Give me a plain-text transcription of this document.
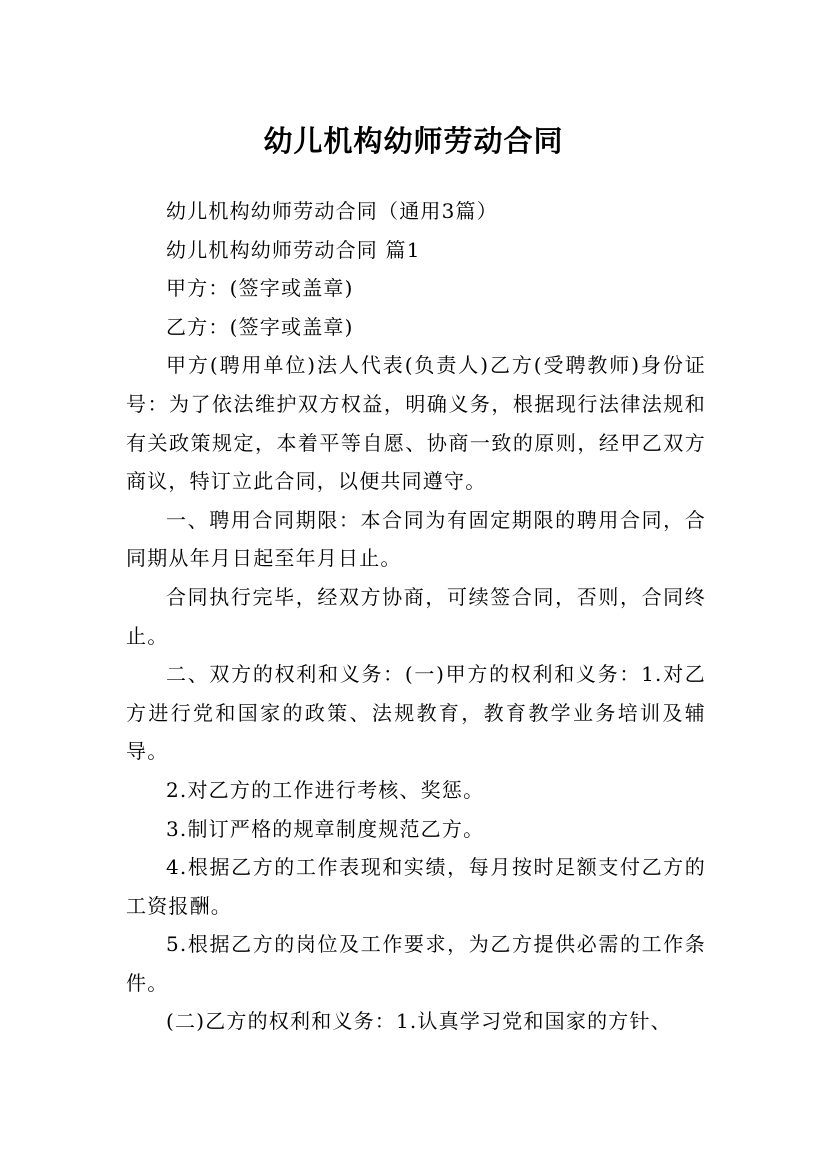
幼儿机构幼师劳动合同

幼儿机构幼师劳动合同（通用3篇）

幼儿机构幼师劳动合同 篇1

甲方：(签字或盖章)

乙方：(签字或盖章)

甲方(聘用单位)法人代表(负责人)乙方(受聘教师)身份证号：为了依法维护双方权益，明确义务，根据现行法律法规和有关政策规定，本着平等自愿、协商一致的原则，经甲乙双方商议，特订立此合同，以便共同遵守。

一、聘用合同期限：本合同为有固定期限的聘用合同，合同期从年月日起至年月日止。

合同执行完毕，经双方协商，可续签合同，否则，合同终止。

二、双方的权利和义务：(一)甲方的权利和义务：1.对乙方进行党和国家的政策、法规教育，教育教学业务培训及辅导。

2.对乙方的工作进行考核、奖惩。

3.制订严格的规章制度规范乙方。

4.根据乙方的工作表现和实绩，每月按时足额支付乙方的工资报酬。

5.根据乙方的岗位及工作要求，为乙方提供必需的工作条件。

(二)乙方的权利和义务：1.认真学习党和国家的方针、
